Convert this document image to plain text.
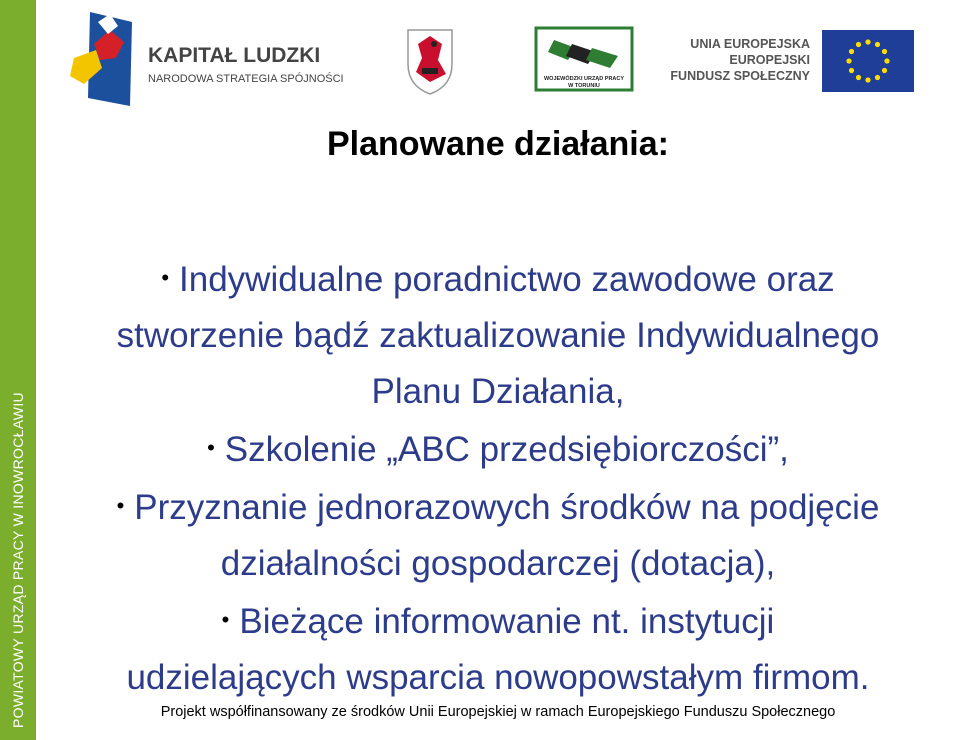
POWIATOWY URZĄD PRACY W INOWROCŁAWIU
KAPITAŁ LUDZKI
NARODOWA STRATEGIA SPÓJNOŚCI	WOJEWÓDZKI URZĄD PRACY
W TORUNIU
UNIA EUROPEJSKA
EUROPEJSKI
FUNDUSZ SPOŁECZNY
Planowane działania:
• Indywidualne poradnictwo zawodowe oraz
stworzenie bądź zaktualizowanie Indywidualnego
Planu Działania,
• Szkolenie „ABC przedsiębiorczości”,
• Przyznanie jednorazowych środków na podjęcie
działalności gospodarczej (dotacja),
• Bieżące informowanie nt. instytucji
udzielających wsparcia nowopowstałym firmom.
Projekt współfinansowany ze środków Unii Europejskiej w ramach Europejskiego Funduszu Społecznego
